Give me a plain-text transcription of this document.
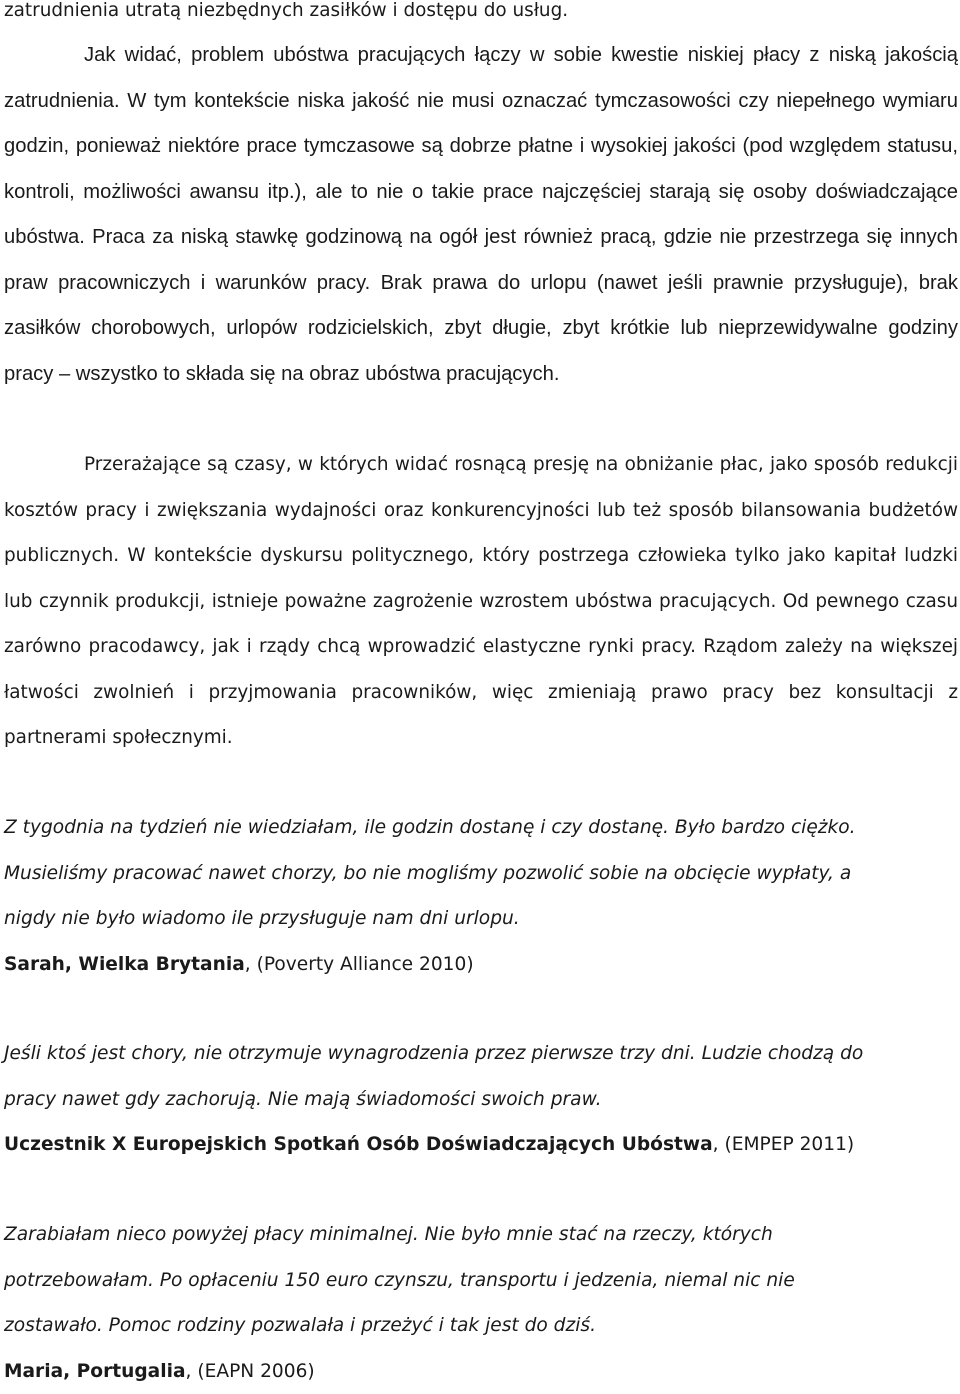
zatrudnienia utratą niezbędnych zasiłków i dostępu do usług.

Jak widać, problem ubóstwa pracujących łączy w sobie kwestie niskiej płacy z niską jakością zatrudnienia. W tym kontekście niska jakość nie musi oznaczać tymczasowości czy niepełnego wymiaru godzin, ponieważ niektóre prace tymczasowe są dobrze płatne i wysokiej jakości (pod względem statusu, kontroli, możliwości awansu itp.), ale to nie o takie prace najczęściej starają się osoby doświadczające ubóstwa. Praca za niską stawkę godzinową na ogół jest również pracą, gdzie nie przestrzega się innych praw pracowniczych i warunków pracy. Brak prawa do urlopu (nawet jeśli prawnie przysługuje), brak zasiłków chorobowych, urlopów rodzicielskich, zbyt długie, zbyt krótkie lub nieprzewidywalne godziny pracy – wszystko to składa się na obraz ubóstwa pracujących.

Przerażające są czasy, w których widać rosnącą presję na obniżanie płac, jako sposób redukcji kosztów pracy i zwiększania wydajności oraz konkurencyjności lub też sposób bilansowania budżetów publicznych. W kontekście dyskursu politycznego, który postrzega człowieka tylko jako kapitał ludzki lub czynnik produkcji, istnieje poważne zagrożenie wzrostem ubóstwa pracujących. Od pewnego czasu zarówno pracodawcy, jak i rządy chcą wprowadzić elastyczne rynki pracy. Rządom zależy na większej łatwości zwolnień i przyjmowania pracowników, więc zmieniają prawo pracy bez konsultacji z partnerami społecznymi.

Z tygodnia na tydzień nie wiedziałam, ile godzin dostanę i czy dostanę. Było bardzo ciężko.

Musieliśmy pracować nawet chorzy, bo nie mogliśmy pozwolić sobie na obcięcie wypłaty, a

nigdy nie było wiadomo ile przysługuje nam dni urlopu.

Sarah, Wielka Brytania, (Poverty Alliance 2010)

Jeśli ktoś jest chory, nie otrzymuje wynagrodzenia przez pierwsze trzy dni. Ludzie chodzą do

pracy nawet gdy zachorują. Nie mają świadomości swoich praw.

Uczestnik X Europejskich Spotkań Osób Doświadczających Ubóstwa, (EMPEP 2011)

Zarabiałam nieco powyżej płacy minimalnej. Nie było mnie stać na rzeczy, których

potrzebowałam. Po opłaceniu 150 euro czynszu, transportu i jedzenia, niemal nic nie

zostawało. Pomoc rodziny pozwalała i przeżyć i tak jest do dziś.

Maria, Portugalia, (EAPN 2006)
